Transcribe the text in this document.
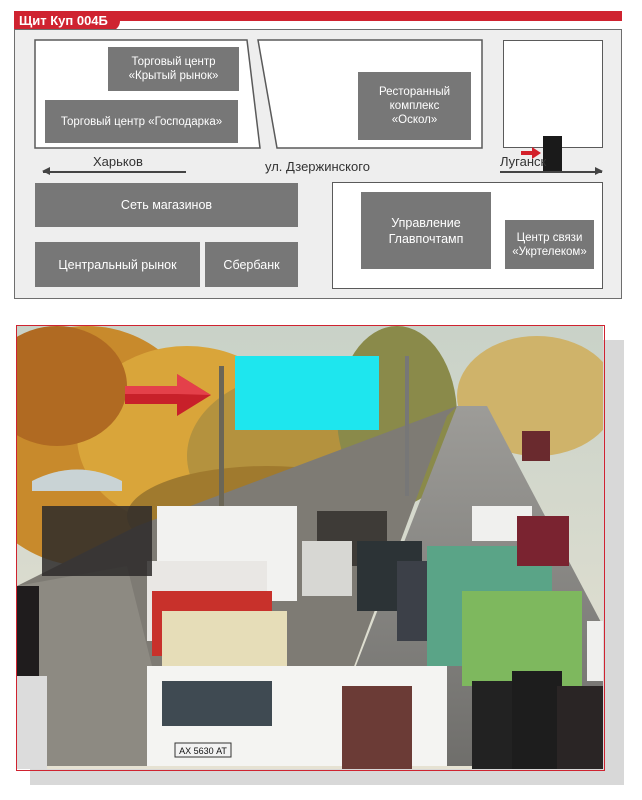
Щит Куп 004Б
Торговый центр
«Крытый рынок»
Торговый центр «Господарка»
Ресторанный
комплекс
«Оскол»
Харьков	ул. Дзержинского	Луганск
Сеть магазинов
Центральный рынок	Сбербанк
Управление
Главпочтамп	Центр связи
«Укртелеком»
АХ 5630 АТ
